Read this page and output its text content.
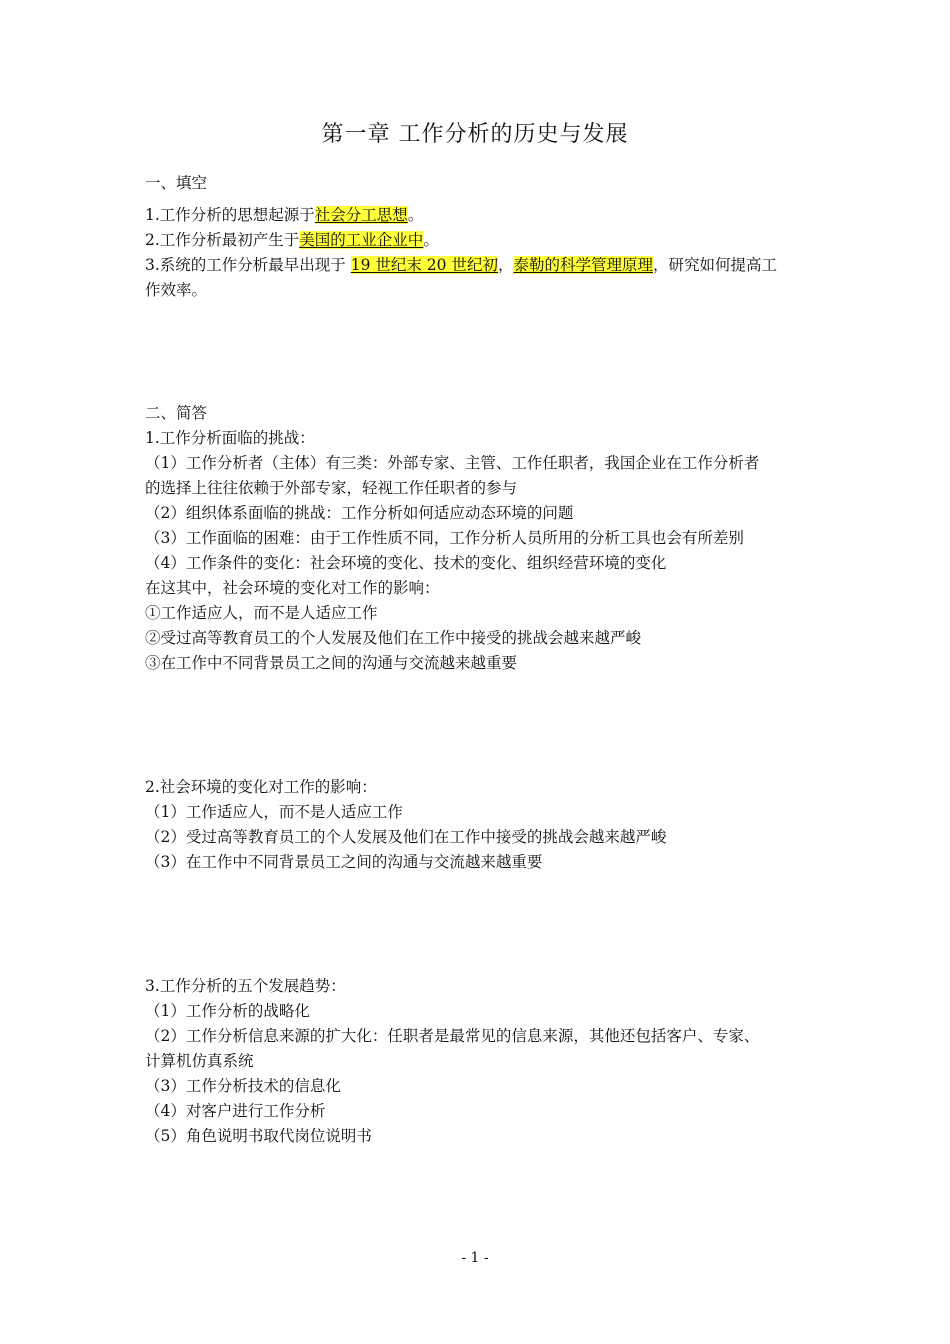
第一章 工作分析的历史与发展
一、填空
1.工作分析的思想起源于社会分工思想。
2.工作分析最初产生于美国的工业企业中。
3.系统的工作分析最早出现于 19 世纪末 20 世纪初，泰勒的科学管理原理，研究如何提高工
作效率。
二、简答
1.工作分析面临的挑战：
（1）工作分析者（主体）有三类：外部专家、主管、工作任职者，我国企业在工作分析者
的选择上往往依赖于外部专家，轻视工作任职者的参与
（2）组织体系面临的挑战：工作分析如何适应动态环境的问题
（3）工作面临的困难：由于工作性质不同，工作分析人员所用的分析工具也会有所差别
（4）工作条件的变化：社会环境的变化、技术的变化、组织经营环境的变化
在这其中，社会环境的变化对工作的影响：
①工作适应人，而不是人适应工作
②受过高等教育员工的个人发展及他们在工作中接受的挑战会越来越严峻
③在工作中不同背景员工之间的沟通与交流越来越重要
2.社会环境的变化对工作的影响：
（1）工作适应人，而不是人适应工作
（2）受过高等教育员工的个人发展及他们在工作中接受的挑战会越来越严峻
（3）在工作中不同背景员工之间的沟通与交流越来越重要
3.工作分析的五个发展趋势：
（1）工作分析的战略化
（2）工作分析信息来源的扩大化：任职者是最常见的信息来源，其他还包括客户、专家、
计算机仿真系统
（3）工作分析技术的信息化
（4）对客户进行工作分析
（5）角色说明书取代岗位说明书
- 1 -
